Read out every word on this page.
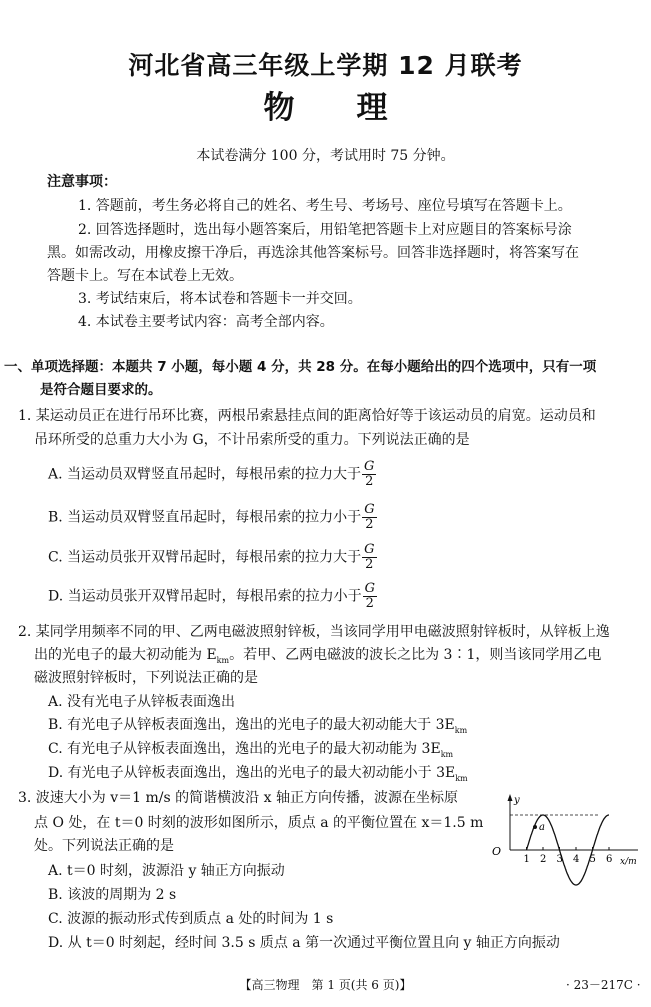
河北省高三年级上学期 12 月联考
物　　理
本试卷满分 100 分，考试用时 75 分钟。
注意事项：
1. 答题前，考生务必将自己的姓名、考生号、考场号、座位号填写在答题卡上。
2. 回答选择题时，选出每小题答案后，用铅笔把答题卡上对应题目的答案标号涂
黑。如需改动，用橡皮擦干净后，再选涂其他答案标号。回答非选择题时，将答案写在
答题卡上。写在本试卷上无效。
3. 考试结束后，将本试卷和答题卡一并交回。
4. 本试卷主要考试内容：高考全部内容。
一、单项选择题：本题共 7 小题，每小题 4 分，共 28 分。在每小题给出的四个选项中，只有一项
是符合题目要求的。
1. 某运动员正在进行吊环比赛，两根吊索悬挂点间的距离恰好等于该运动员的肩宽。运动员和
吊环所受的总重力大小为 G，不计吊索所受的重力。下列说法正确的是
A. 当运动员双臂竖直吊起时，每根吊索的拉力大于 $\frac{G}{2}$
B. 当运动员双臂竖直吊起时，每根吊索的拉力小于 $\frac{G}{2}$
C. 当运动员张开双臂吊起时，每根吊索的拉力大于 $\frac{G}{2}$
D. 当运动员张开双臂吊起时，每根吊索的拉力小于 $\frac{G}{2}$
2. 某同学用频率不同的甲、乙两电磁波照射锌板，当该同学用甲电磁波照射锌板时，从锌板上逸
出的光电子的最大初动能为 $E_{km}$。若甲、乙两电磁波的波长之比为 3∶1，则当该同学用乙电
磁波照射锌板时，下列说法正确的是
A. 没有光电子从锌板表面逸出
B. 有光电子从锌板表面逸出，逸出的光电子的最大初动能大于 $3E_{km}$
C. 有光电子从锌板表面逸出，逸出的光电子的最大初动能为 $3E_{km}$
D. 有光电子从锌板表面逸出，逸出的光电子的最大初动能小于 $3E_{km}$
3. 波速大小为 v＝1 m/s 的简谐横波沿 x 轴正方向传播，波源在坐标原
点 O 处，在 t＝0 时刻的波形如图所示，质点 a 的平衡位置在 x＝1.5 m
处。下列说法正确的是
A. t＝0 时刻，波源沿 y 轴正方向振动
B. 该波的周期为 2 s
C. 波源的振动形式传到质点 a 处的时间为 1 s
D. 从 t＝0 时刻起，经时间 3.5 s 质点 a 第一次通过平衡位置且向 y 轴正方向振动
a
y
O
x/m
1 2 3 4 5 6
【高三物理　第 1 页(共 6 页)】	· 23－217C ·
